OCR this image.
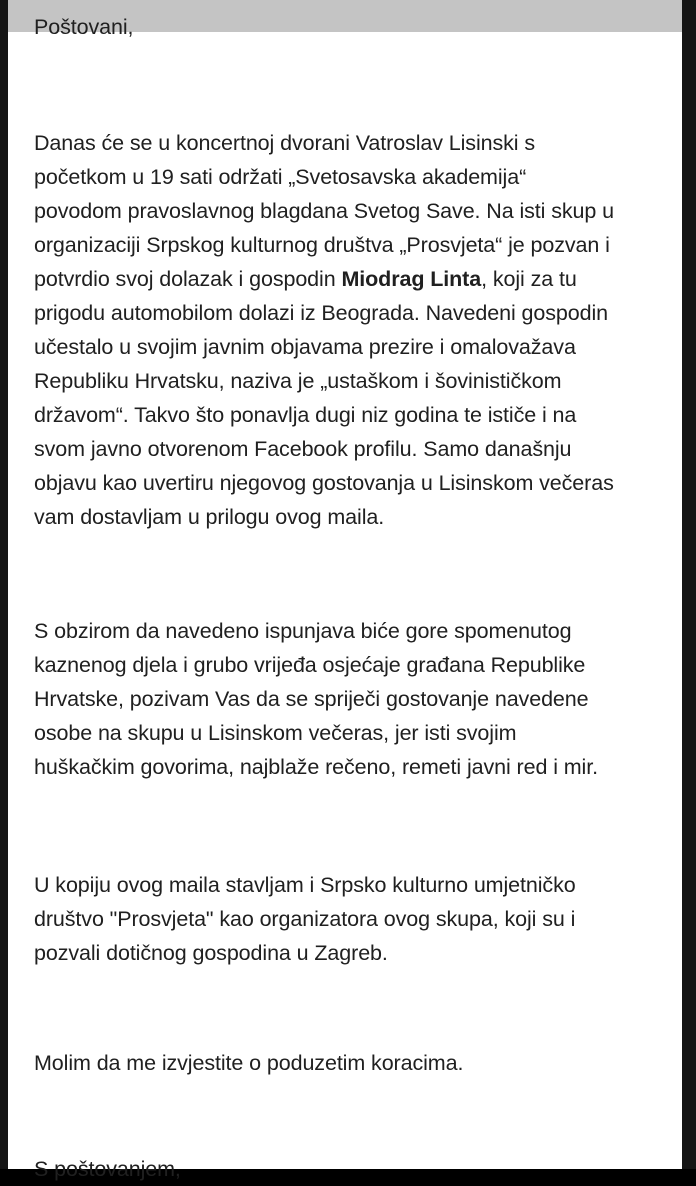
Poštovani,

Danas će se u koncertnoj dvorani Vatroslav Lisinski s
početkom u 19 sati održati „Svetosavska akademija“
povodom pravoslavnog blagdana Svetog Save. Na isti skup u
organizaciji Srpskog kulturnog društva „Prosvjeta“ je pozvan i
potvrdio svoj dolazak i gospodin Miodrag Linta, koji za tu
prigodu automobilom dolazi iz Beograda. Navedeni gospodin
učestalo u svojim javnim objavama prezire i omalovažava
Republiku Hrvatsku, naziva je „ustaškom i šovinističkom
državom“. Takvo što ponavlja dugi niz godina te ističe i na
svom javno otvorenom Facebook profilu. Samo današnju
objavu kao uvertiru njegovog gostovanja u Lisinskom večeras
vam dostavljam u prilogu ovog maila.

S obzirom da navedeno ispunjava biće gore spomenutog
kaznenog djela i grubo vrijeđa osjećaje građana Republike
Hrvatske, pozivam Vas da se spriječi gostovanje navedene
osobe na skupu u Lisinskom večeras, jer isti svojim
huškačkim govorima, najblaže rečeno, remeti javni red i mir.

U kopiju ovog maila stavljam i Srpsko kulturno umjetničko
društvo "Prosvjeta" kao organizatora ovog skupa, koji su i
pozvali dotičnog gospodina u Zagreb.

Molim da me izvjestite o poduzetim koracima.

S poštovanjem,
